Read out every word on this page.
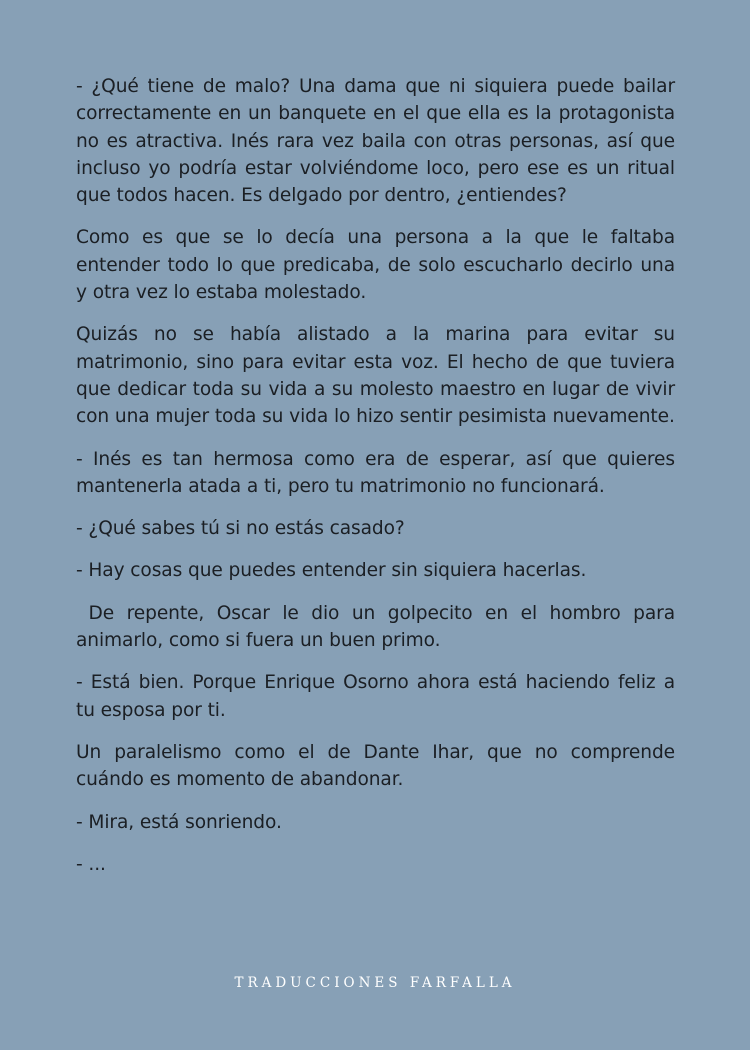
- ¿Qué tiene de malo? Una dama que ni siquiera puede bailar correctamente en un banquete en el que ella es la protagonista no es atractiva. Inés rara vez baila con otras personas, así que incluso yo podría estar volviéndome loco, pero ese es un ritual que todos hacen. Es delgado por dentro, ¿entiendes?

Como es que se lo decía una persona a la que le faltaba entender todo lo que predicaba, de solo escucharlo decirlo una y otra vez lo estaba molestado.

Quizás no se había alistado a la marina para evitar su matrimonio, sino para evitar esta voz. El hecho de que tuviera que dedicar toda su vida a su molesto maestro en lugar de vivir con una mujer toda su vida lo hizo sentir pesimista nuevamente.

- Inés es tan hermosa como era de esperar, así que quieres mantenerla atada a ti, pero tu matrimonio no funcionará.

- ¿Qué sabes tú si no estás casado?

- Hay cosas que puedes entender sin siquiera hacerlas.

De repente, Oscar le dio un golpecito en el hombro para animarlo, como si fuera un buen primo.

- Está bien. Porque Enrique Osorno ahora está haciendo feliz a tu esposa por ti.

Un paralelismo como el de Dante Ihar, que no comprende cuándo es momento de abandonar.

- Mira, está sonriendo.

- ...

TRADUCCIONES FARFALLA
